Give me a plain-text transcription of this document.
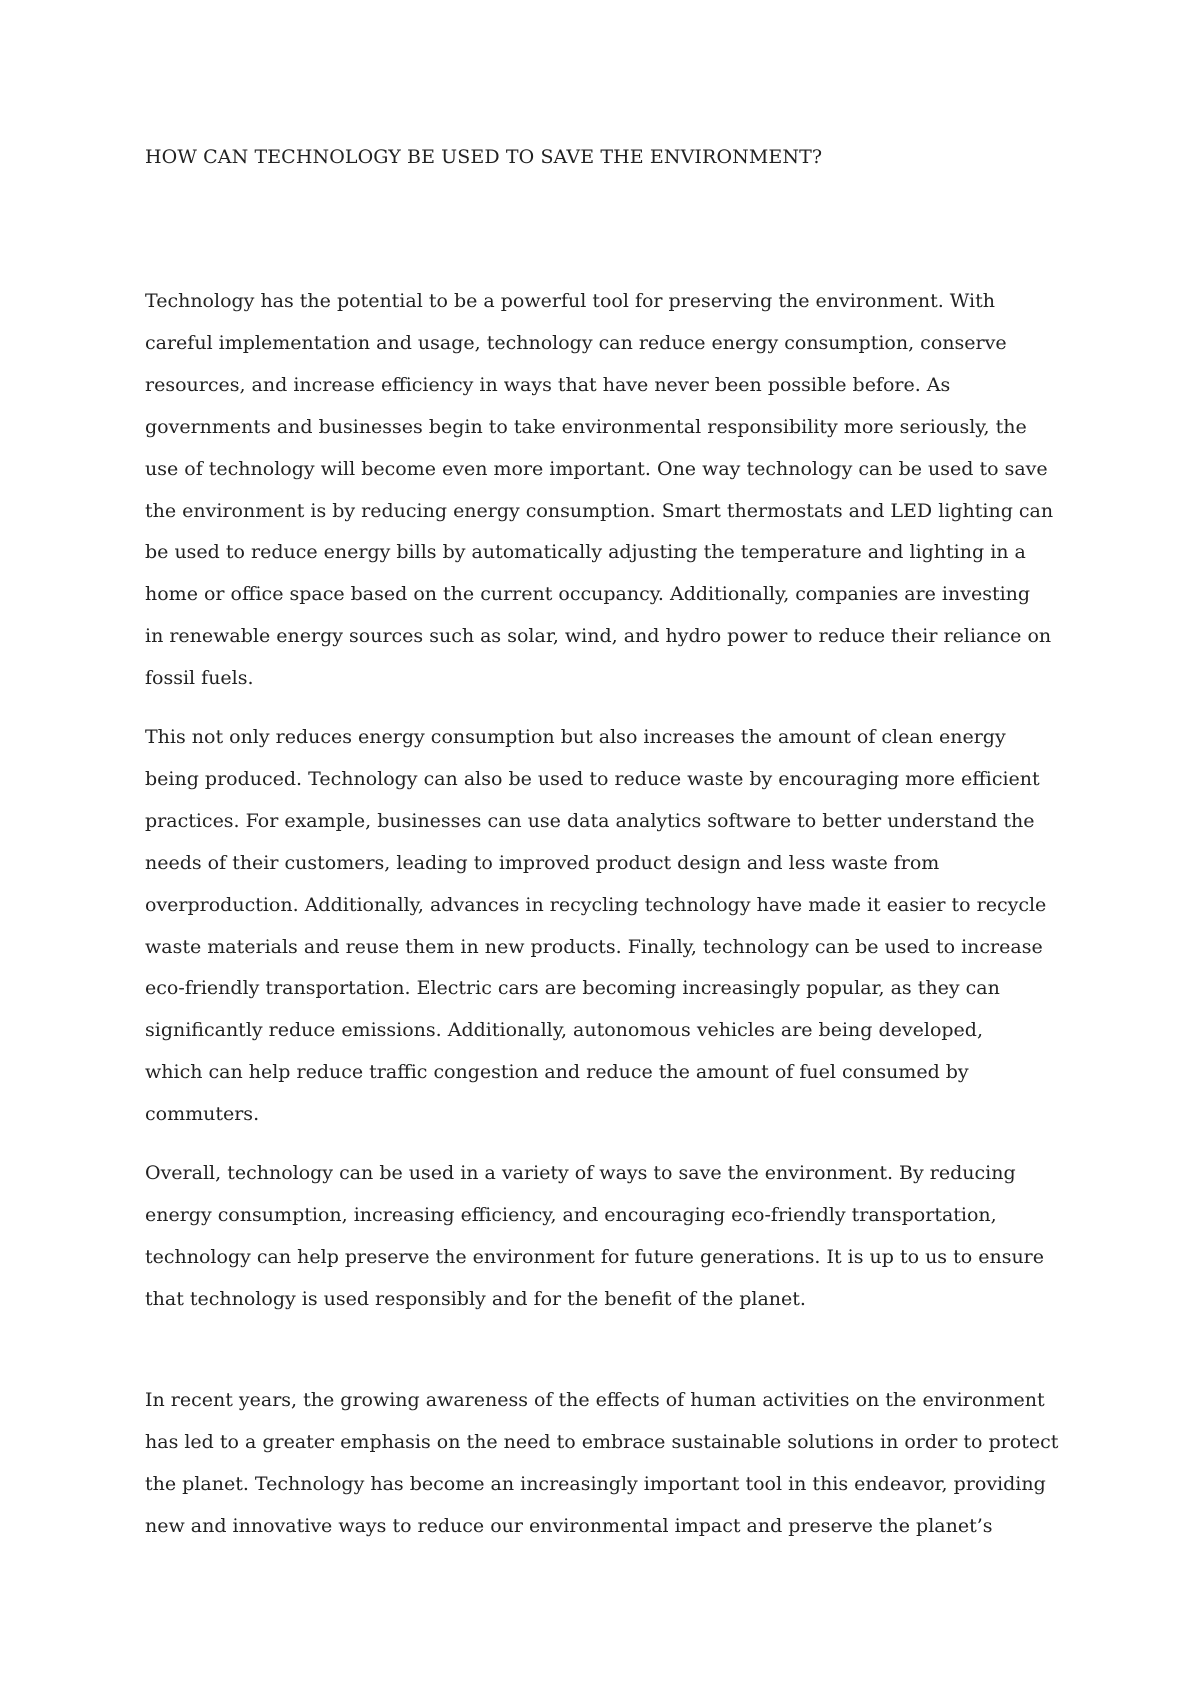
HOW CAN TECHNOLOGY BE USED TO SAVE THE ENVIRONMENT?

Technology has the potential to be a powerful tool for preserving the environment. With
careful implementation and usage, technology can reduce energy consumption, conserve
resources, and increase efficiency in ways that have never been possible before. As
governments and businesses begin to take environmental responsibility more seriously, the
use of technology will become even more important. One way technology can be used to save
the environment is by reducing energy consumption. Smart thermostats and LED lighting can
be used to reduce energy bills by automatically adjusting the temperature and lighting in a
home or office space based on the current occupancy. Additionally, companies are investing
in renewable energy sources such as solar, wind, and hydro power to reduce their reliance on
fossil fuels.

This not only reduces energy consumption but also increases the amount of clean energy
being produced. Technology can also be used to reduce waste by encouraging more efficient
practices. For example, businesses can use data analytics software to better understand the
needs of their customers, leading to improved product design and less waste from
overproduction. Additionally, advances in recycling technology have made it easier to recycle
waste materials and reuse them in new products. Finally, technology can be used to increase
eco-friendly transportation. Electric cars are becoming increasingly popular, as they can
significantly reduce emissions. Additionally, autonomous vehicles are being developed,
which can help reduce traffic congestion and reduce the amount of fuel consumed by
commuters.

Overall, technology can be used in a variety of ways to save the environment. By reducing
energy consumption, increasing efficiency, and encouraging eco-friendly transportation,
technology can help preserve the environment for future generations. It is up to us to ensure
that technology is used responsibly and for the benefit of the planet.

In recent years, the growing awareness of the effects of human activities on the environment
has led to a greater emphasis on the need to embrace sustainable solutions in order to protect
the planet. Technology has become an increasingly important tool in this endeavor, providing
new and innovative ways to reduce our environmental impact and preserve the planet’s
